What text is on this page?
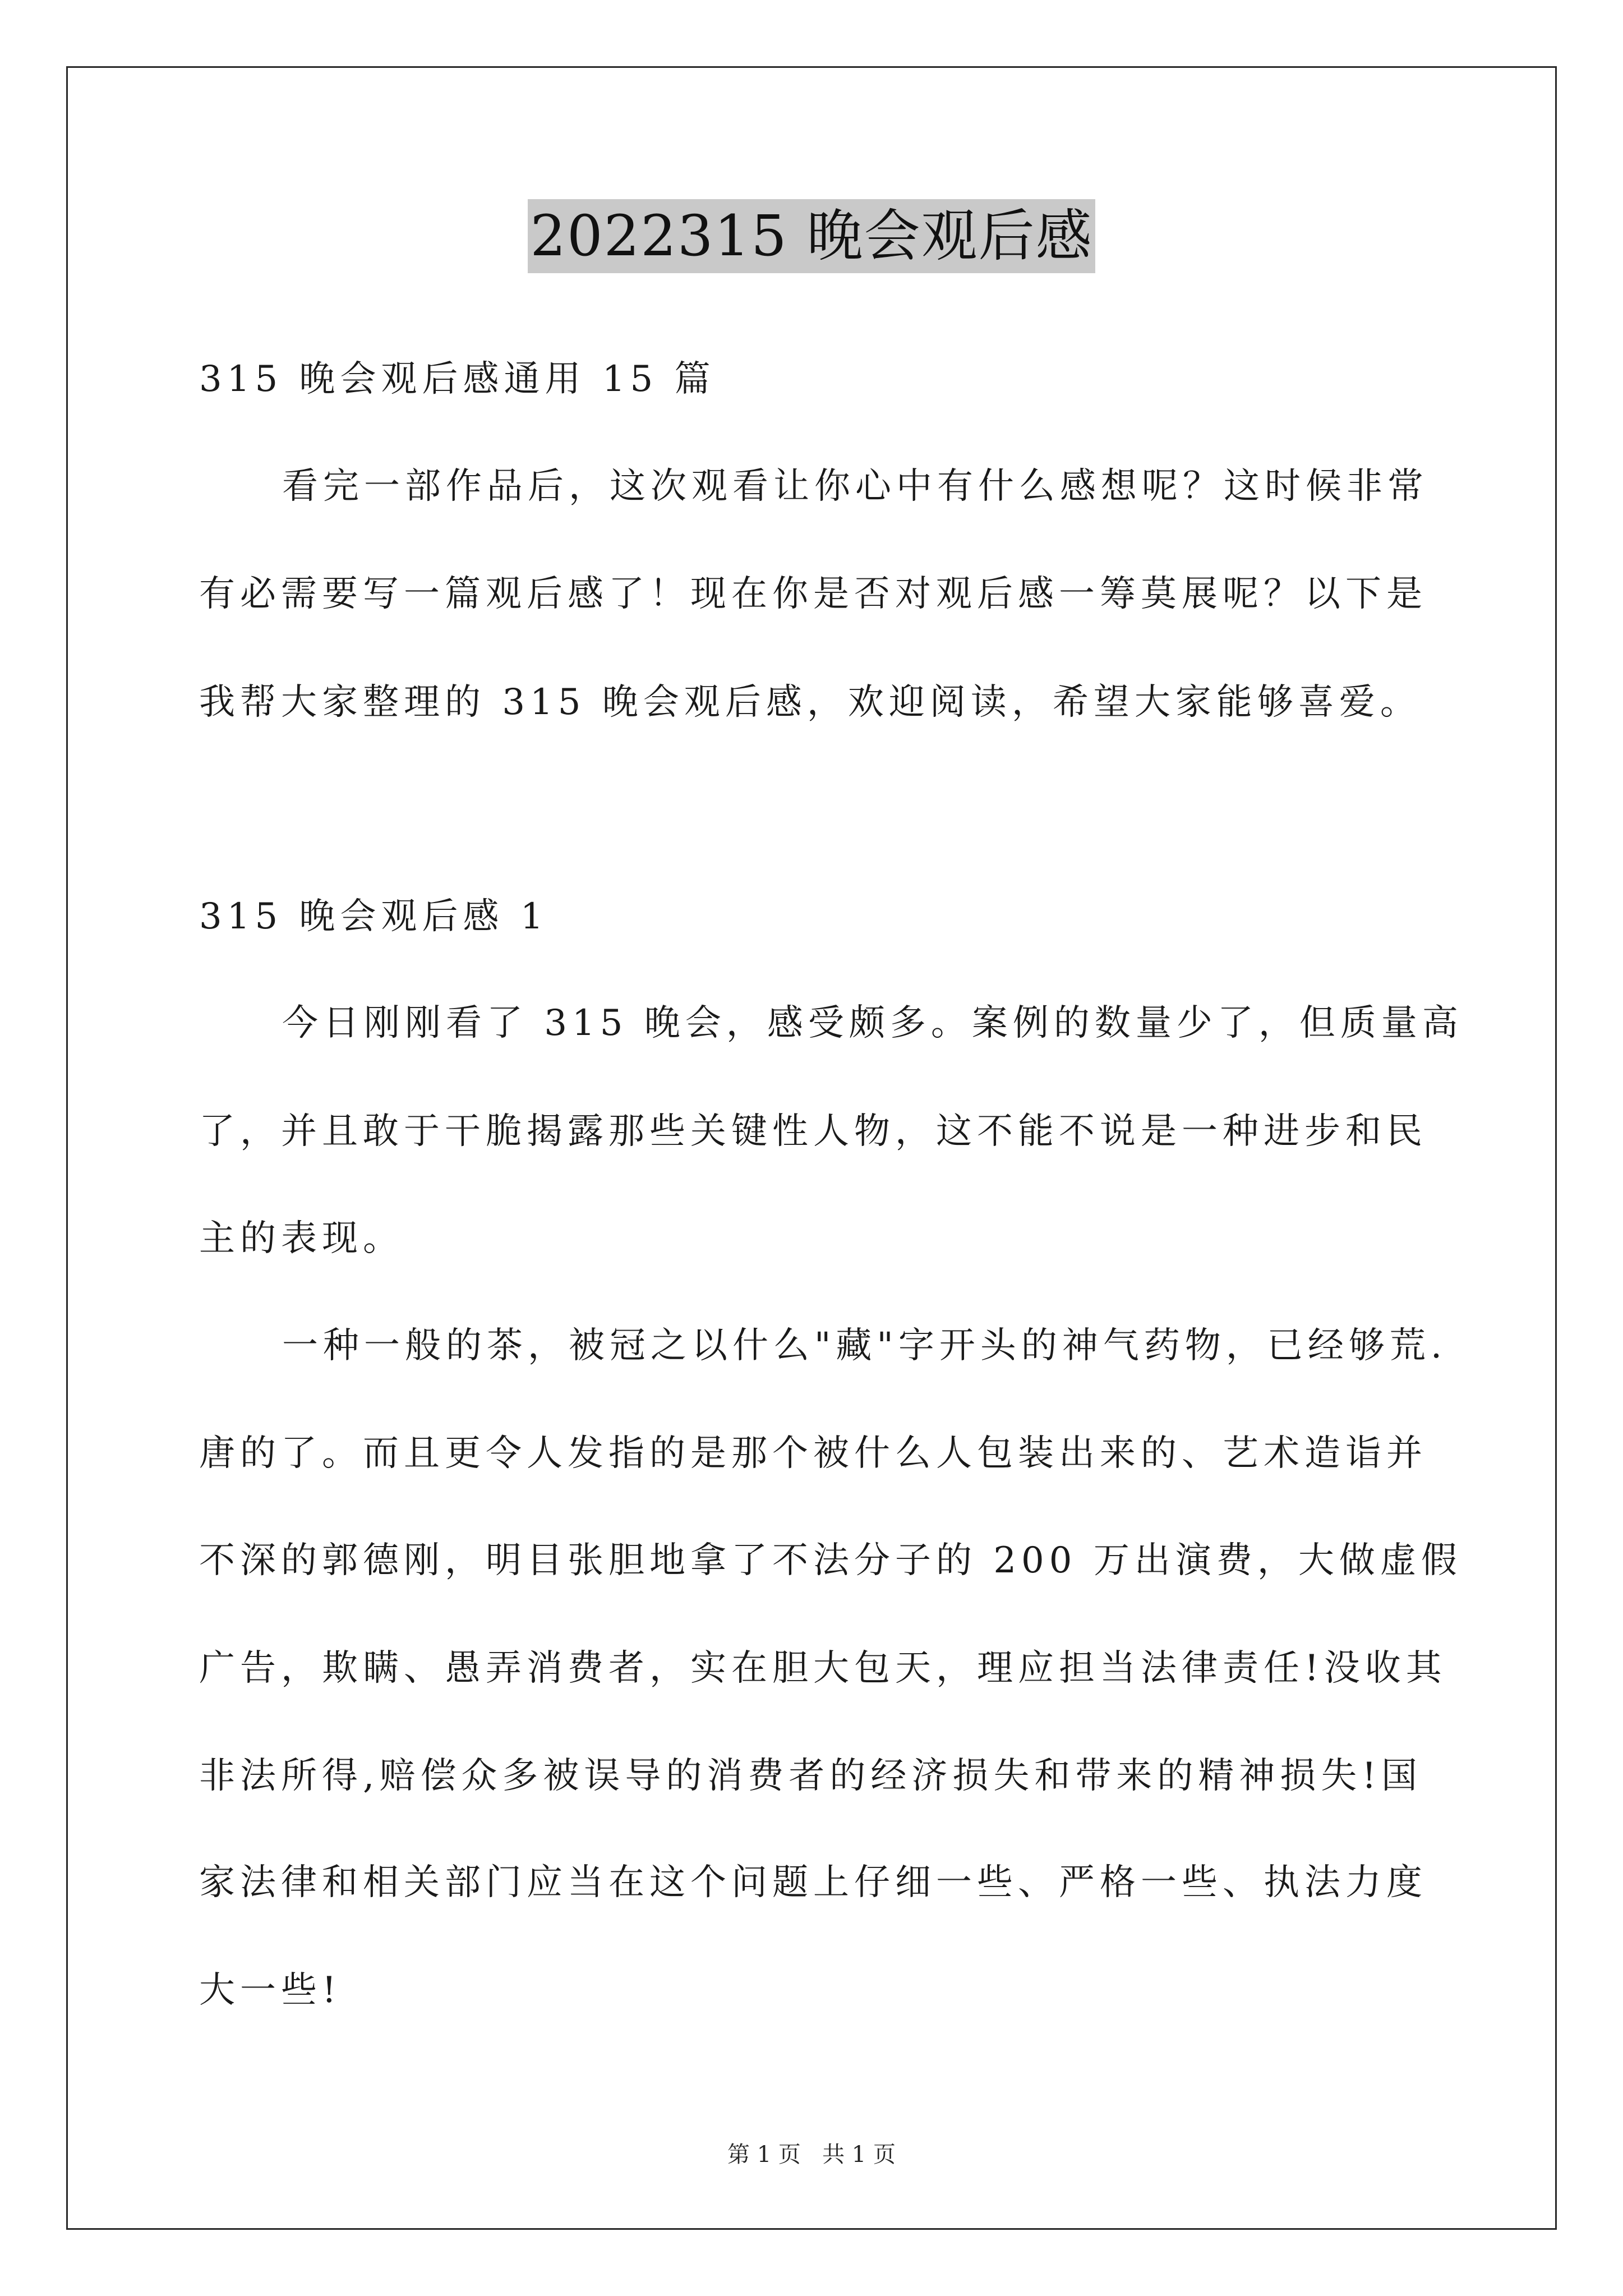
2022315 晚会观后感
315 晚会观后感通用 15 篇
看完一部作品后，这次观看让你心中有什么感想呢？这时候非常
有必需要写一篇观后感了！现在你是否对观后感一筹莫展呢？以下是
我帮大家整理的 315 晚会观后感，欢迎阅读，希望大家能够喜爱。
315 晚会观后感 1
今日刚刚看了 315 晚会，感受颇多。案例的数量少了，但质量高
了，并且敢于干脆揭露那些关键性人物，这不能不说是一种进步和民
主的表现。
一种一般的茶，被冠之以什么"藏"字开头的神气药物，已经够荒.
唐的了。而且更令人发指的是那个被什么人包装出来的、艺术造诣并
不深的郭德刚，明目张胆地拿了不法分子的 200 万出演费，大做虚假
广告，欺瞒、愚弄消费者，实在胆大包天，理应担当法律责任!没收其
非法所得,赔偿众多被误导的消费者的经济损失和带来的精神损失!国
家法律和相关部门应当在这个问题上仔细一些、严格一些、执法力度
大一些!
第 1 页   共 1 页
